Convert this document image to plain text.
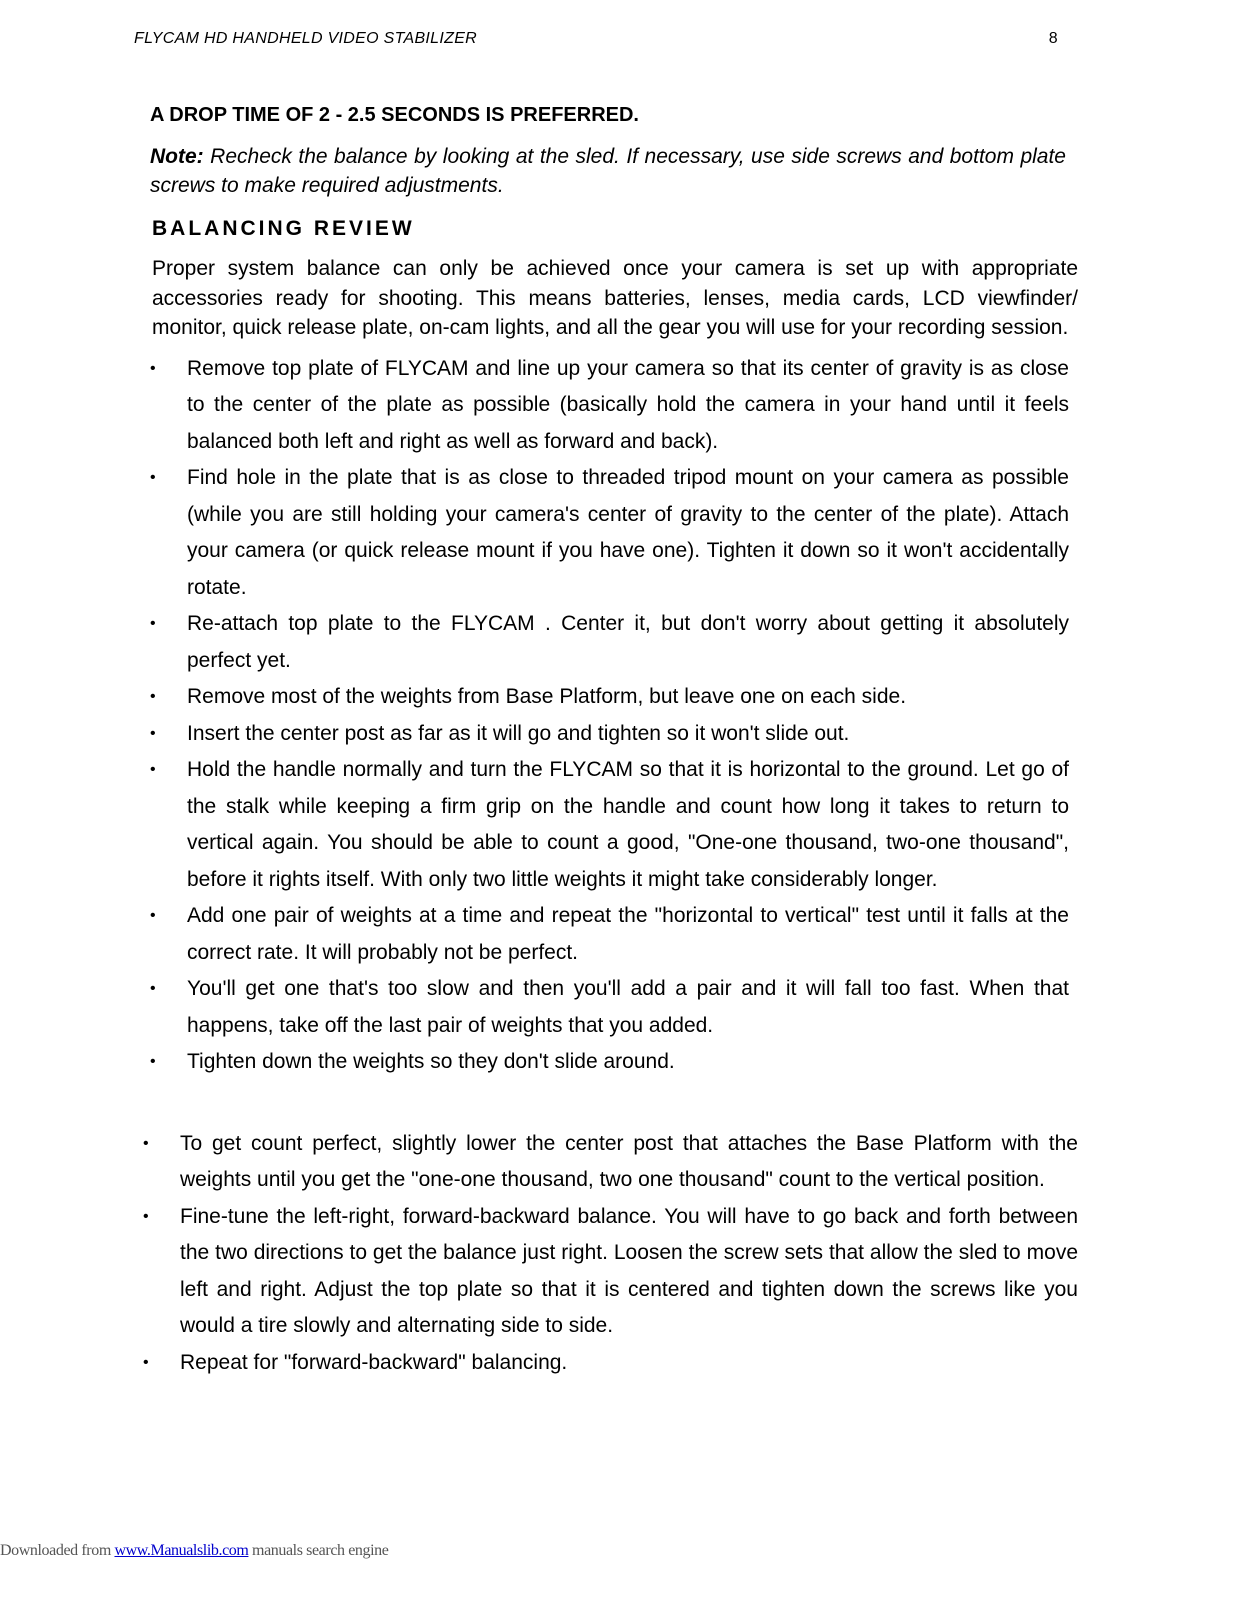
FLYCAM HD HANDHELD VIDEO STABILIZER	8

A DROP TIME OF 2 - 2.5 SECONDS IS PREFERRED.

Note: Recheck the balance by looking at the sled. If necessary, use side screws and bottom plate screws to make required adjustments.

BALANCING REVIEW

Proper system balance can only be achieved once your camera is set up with appropriate accessories ready for shooting. This means batteries, lenses, media cards, LCD viewfinder/ monitor, quick release plate, on-cam lights, and all the gear you will use for your recording session.

• Remove top plate of FLYCAM and line up your camera so that its center of gravity is as close to the center of the plate as possible (basically hold the camera in your hand until it feels balanced both left and right as well as forward and back).
• Find hole in the plate that is as close to threaded tripod mount on your camera as possible (while you are still holding your camera's center of gravity to the center of the plate). Attach your camera (or quick release mount if you have one). Tighten it down so it won't accidentally rotate.
• Re-attach top plate to the FLYCAM . Center it, but don't worry about getting it absolutely perfect yet.
• Remove most of the weights from Base Platform, but leave one on each side.
• Insert the center post as far as it will go and tighten so it won't slide out.
• Hold the handle normally and turn the FLYCAM so that it is horizontal to the ground. Let go of the stalk while keeping a firm grip on the handle and count how long it takes to return to vertical again. You should be able to count a good, "One-one thousand, two-one thousand", before it rights itself. With only two little weights it might take considerably longer.
• Add one pair of weights at a time and repeat the "horizontal to vertical" test until it falls at the correct rate. It will probably not be perfect.
• You'll get one that's too slow and then you'll add a pair and it will fall too fast. When that happens, take off the last pair of weights that you added.
• Tighten down the weights so they don't slide around.
• To get count perfect, slightly lower the center post that attaches the Base Platform with the weights until you get the "one-one thousand, two one thousand" count to the vertical position.
• Fine-tune the left-right, forward-backward balance. You will have to go back and forth between the two directions to get the balance just right. Loosen the screw sets that allow the sled to move left and right. Adjust the top plate so that it is centered and tighten down the screws like you would a tire slowly and alternating side to side.
• Repeat for "forward-backward" balancing.
Downloaded from www.Manualslib.com manuals search engine
